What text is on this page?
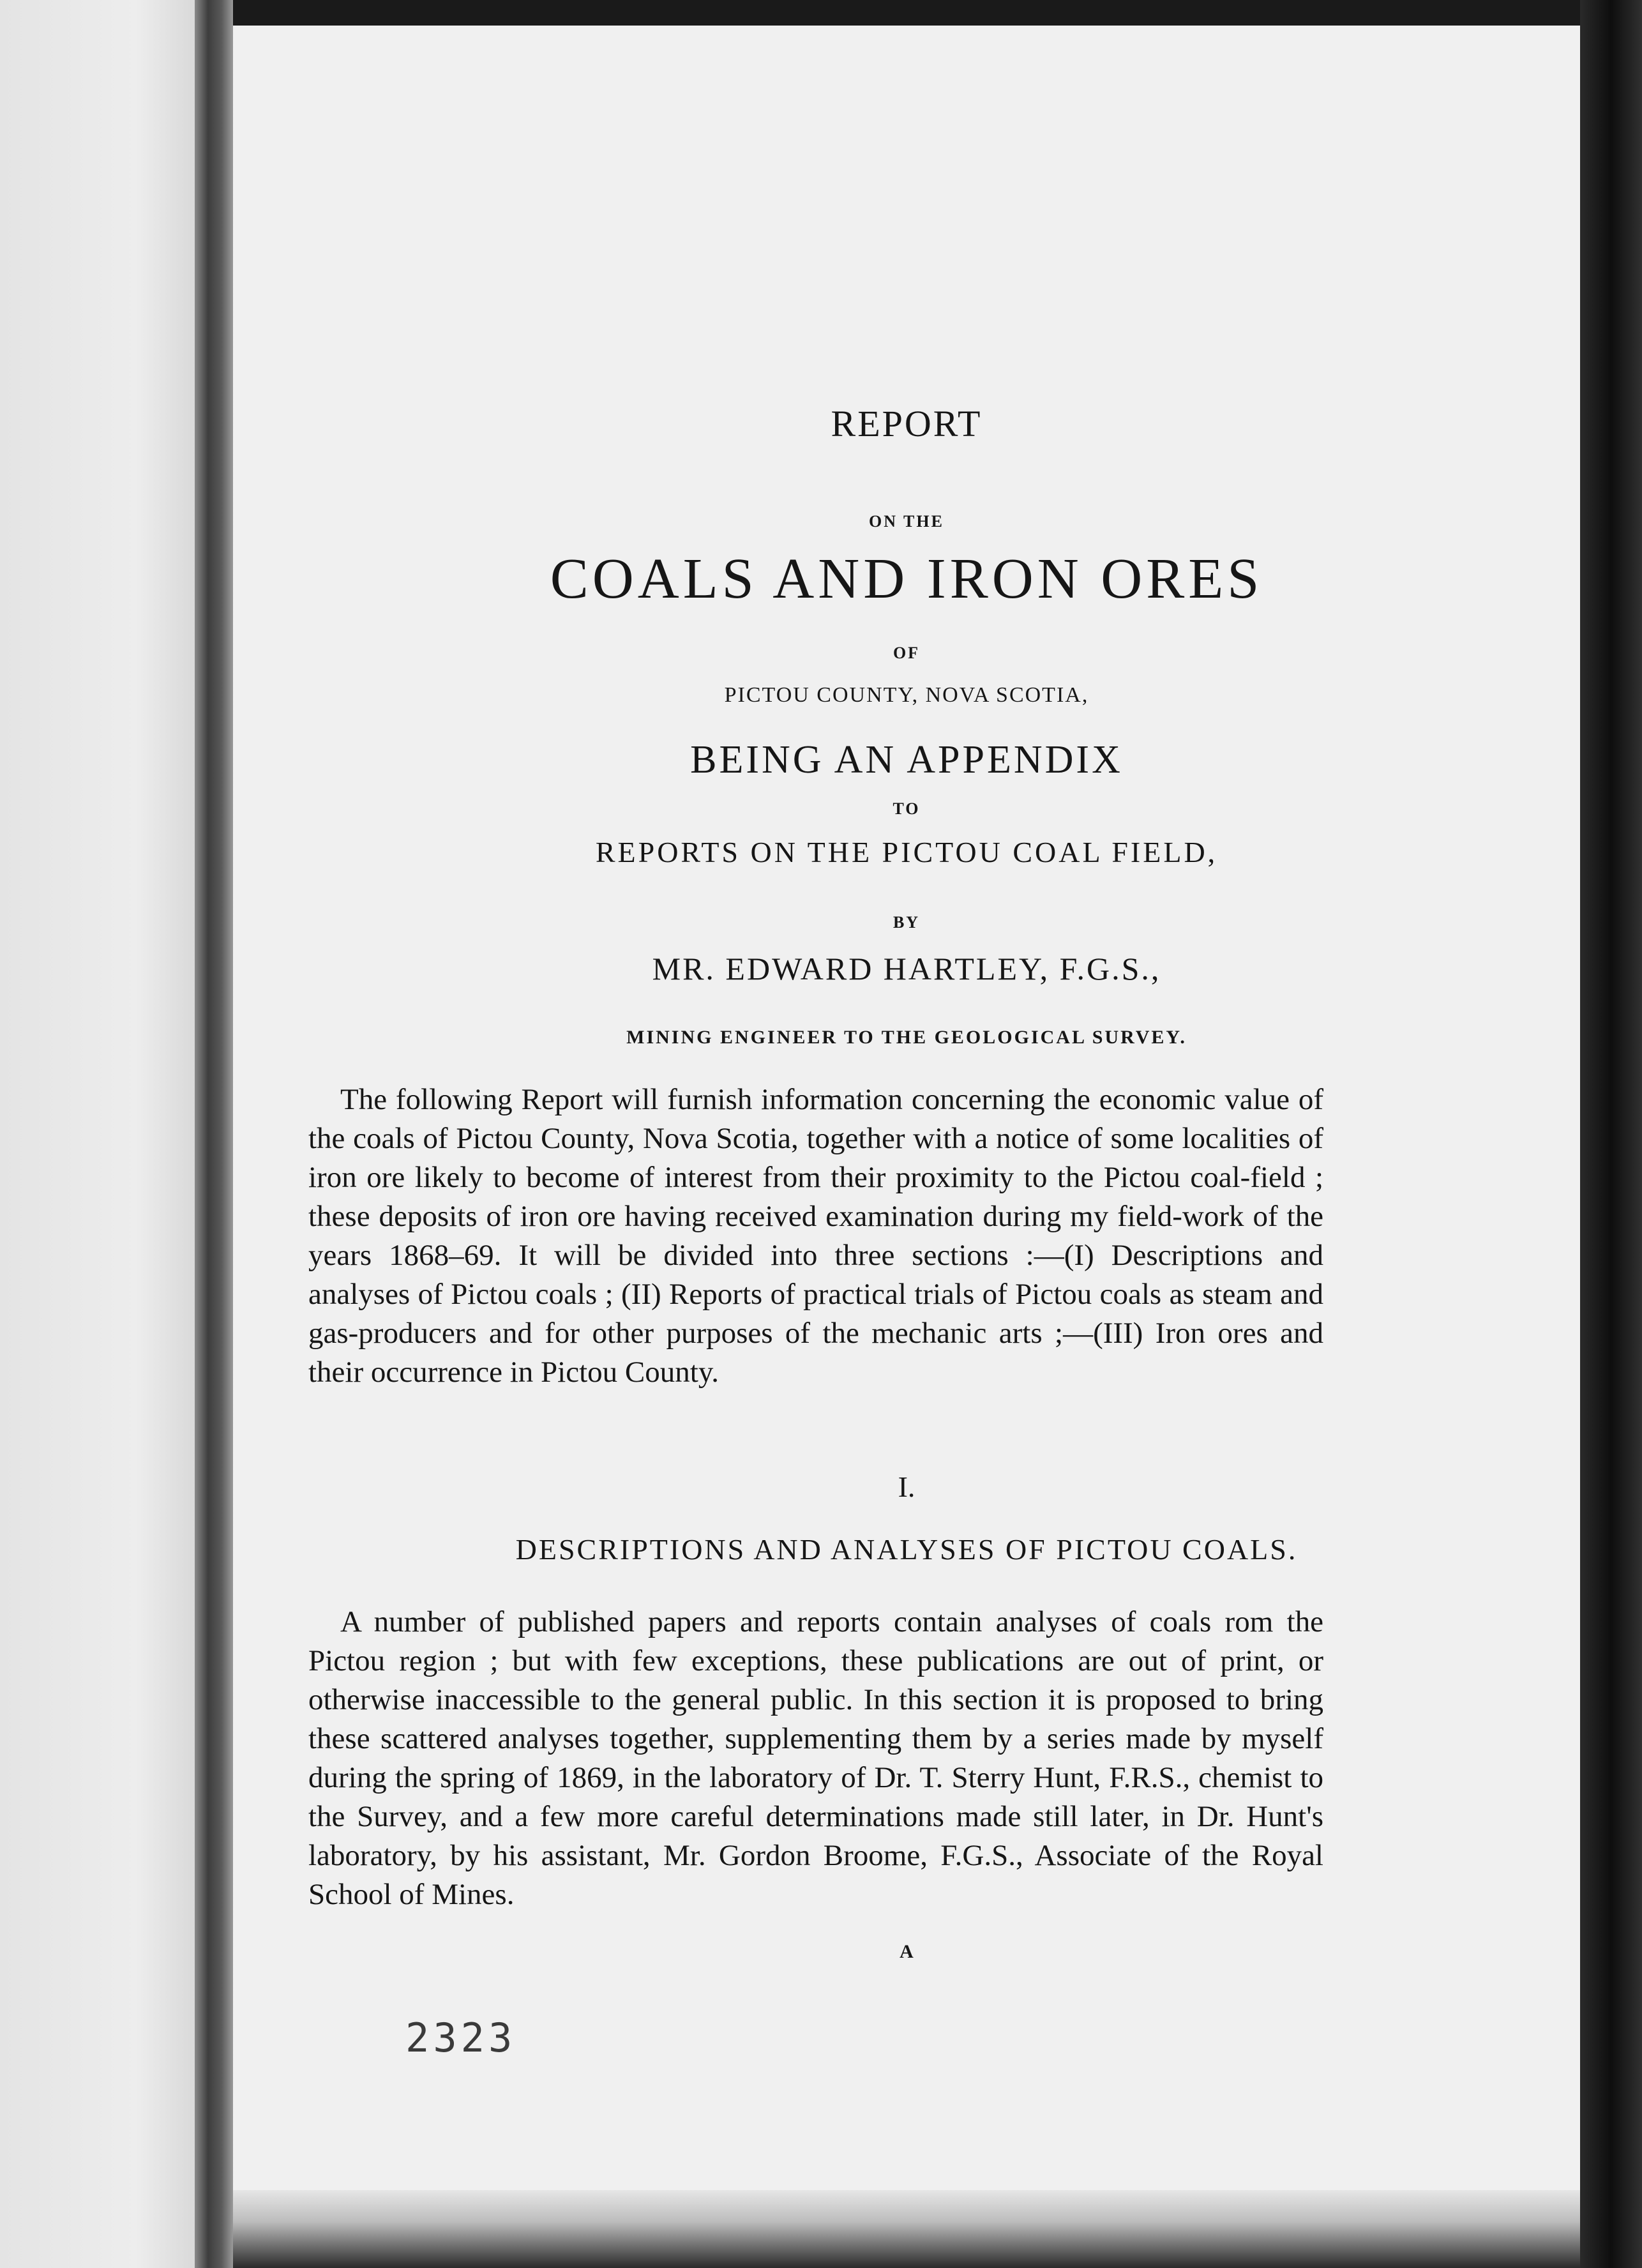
REPORT
ON THE
COALS AND IRON ORES
OF
PICTOU COUNTY, NOVA SCOTIA,
BEING AN APPENDIX
TO
REPORTS ON THE PICTOU COAL FIELD,
BY
MR. EDWARD HARTLEY, F.G.S.,
MINING ENGINEER TO THE GEOLOGICAL SURVEY.
The following Report will furnish information concerning the economic value of the coals of Pictou County, Nova Scotia, together with a notice of some localities of iron ore likely to become of interest from their proximity to the Pictou coal-field ; these deposits of iron ore having received examination during my field-work of the years 1868–69. It will be divided into three sections :—(I) Descriptions and analyses of Pictou coals ; (II) Reports of practical trials of Pictou coals as steam and gas-producers and for other purposes of the mechanic arts ;—(III) Iron ores and their occurrence in Pictou County.
I.
DESCRIPTIONS AND ANALYSES OF PICTOU COALS.
A number of published papers and reports contain analyses of coals rom the Pictou region ; but with few exceptions, these publications are out of print, or otherwise inaccessible to the general public. In this section it is proposed to bring these scattered analyses together, supplementing them by a series made by myself during the spring of 1869, in the laboratory of Dr. T. Sterry Hunt, F.R.S., chemist to the Survey, and a few more careful determinations made still later, in Dr. Hunt's laboratory, by his assistant, Mr. Gordon Broome, F.G.S., Associate of the Royal School of Mines.
A
2323
